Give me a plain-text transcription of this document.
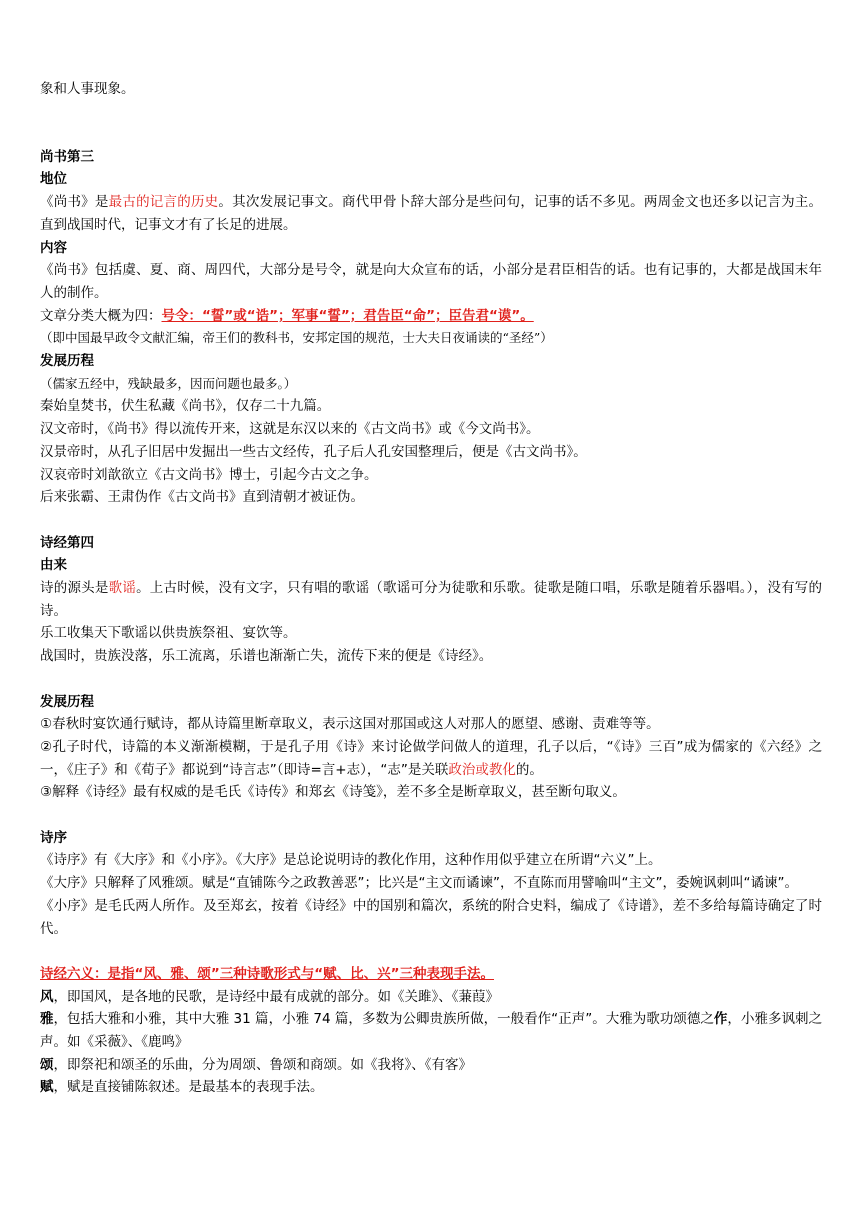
象和人事现象。

尚书第三

地位

《尚书》是最古的记言的历史。其次发展记事文。商代甲骨卜辞大部分是些问句，记事的话不多见。两周金文也还多以记言为主。直到战国时代，记事文才有了长足的进展。

内容

《尚书》包括虞、夏、商、周四代，大部分是号令，就是向大众宣布的话，小部分是君臣相告的话。也有记事的，大都是战国末年人的制作。

文章分类大概为四：号令：“誓”或“诰”；军事“誓”；君告臣“命”；臣告君“谟”。

（即中国最早政令文献汇编，帝王们的教科书，安邦定国的规范，士大夫日夜诵读的“圣经”）

发展历程

（儒家五经中，残缺最多，因而问题也最多。）

秦始皇焚书，伏生私藏《尚书》，仅存二十九篇。

汉文帝时，《尚书》得以流传开来，这就是东汉以来的《古文尚书》或《今文尚书》。

汉景帝时，从孔子旧居中发掘出一些古文经传，孔子后人孔安国整理后，便是《古文尚书》。

汉哀帝时刘歆欲立《古文尚书》博士，引起今古文之争。

后来张霸、王肃伪作《古文尚书》直到清朝才被证伪。

诗经第四

由来

诗的源头是歌谣。上古时候，没有文字，只有唱的歌谣（歌谣可分为徒歌和乐歌。徒歌是随口唱，乐歌是随着乐器唱。），没有写的诗。

乐工收集天下歌谣以供贵族祭祖、宴饮等。

战国时，贵族没落，乐工流离，乐谱也渐渐亡失，流传下来的便是《诗经》。

发展历程

①春秋时宴饮通行赋诗，都从诗篇里断章取义，表示这国对那国或这人对那人的愿望、感谢、责难等等。

②孔子时代，诗篇的本义渐渐模糊，于是孔子用《诗》来讨论做学问做人的道理，孔子以后，“《诗》三百”成为儒家的《六经》之一，《庄子》和《荀子》都说到“诗言志”（即诗=言+志），“志”是关联政治或教化的。

③解释《诗经》最有权威的是毛氏《诗传》和郑玄《诗笺》，差不多全是断章取义，甚至断句取义。

诗序

《诗序》有《大序》和《小序》。《大序》是总论说明诗的教化作用，这种作用似乎建立在所谓“六义”上。

《大序》只解释了风雅颂。赋是“直铺陈今之政教善恶”；比兴是“主文而谲谏”，不直陈而用譬喻叫“主文”，委婉讽刺叫“谲谏”。

《小序》是毛氏两人所作。及至郑玄，按着《诗经》中的国别和篇次，系统的附合史料，编成了《诗谱》，差不多给每篇诗确定了时代。

诗经六义：是指“风、雅、颂”三种诗歌形式与“赋、比、兴”三种表现手法。

风，即国风，是各地的民歌，是诗经中最有成就的部分。如《关雎》、《蒹葭》

雅，包括大雅和小雅，其中大雅 31 篇，小雅 74 篇，多数为公卿贵族所做，一般看作“正声”。大雅为歌功颂德之作，小雅多讽刺之声。如《采薇》、《鹿鸣》

颂，即祭祀和颂圣的乐曲，分为周颂、鲁颂和商颂。如《我将》、《有客》

赋，赋是直接铺陈叙述。是最基本的表现手法。
